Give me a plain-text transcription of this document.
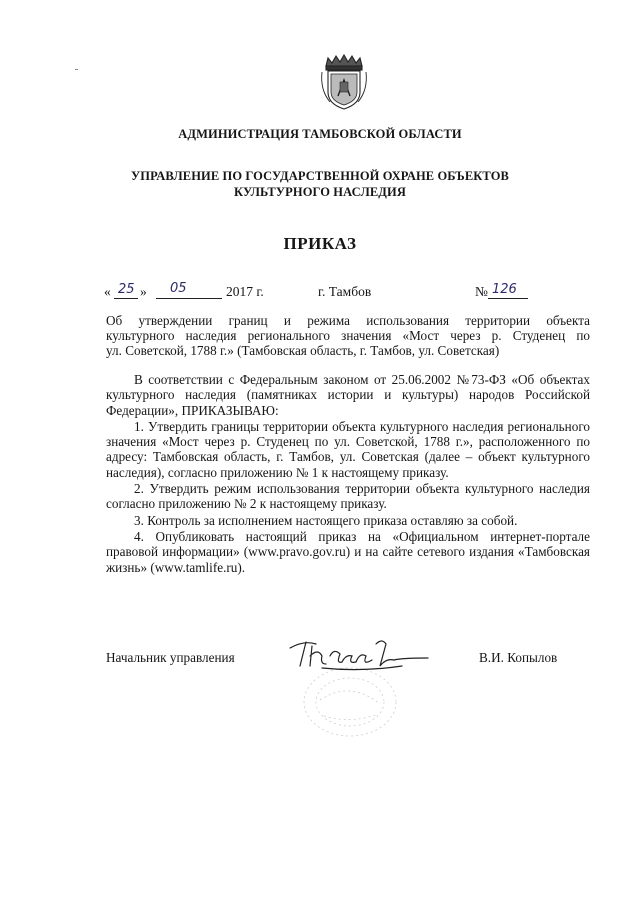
АДМИНИСТРАЦИЯ ТАМБОВСКОЙ ОБЛАСТИ
УПРАВЛЕНИЕ ПО ГОСУДАРСТВЕННОЙ ОХРАНЕ ОБЪЕКТОВ
КУЛЬТУРНОГО НАСЛЕДИЯ
ПРИКАЗ
« 25 » 05	2017 г.	г. Тамбов	№ 126
Об утверждении границ и режима использования территории объекта
культурного наследия регионального значения «Мост через р. Студенец по
ул. Советской, 1788 г.» (Тамбовская область, г. Тамбов, ул. Советская)

В соответствии с Федеральным законом от 25.06.2002 №73-ФЗ «Об объектах культурного наследия (памятниках истории и культуры) народов Российской Федерации», ПРИКАЗЫВАЮ:

1. Утвердить границы территории объекта культурного наследия регионального значения «Мост через р. Студенец по ул. Советской, 1788 г.», расположенного по адресу: Тамбовская область, г. Тамбов, ул. Советская (далее – объект культурного наследия), согласно приложению № 1 к настоящему приказу.

2. Утвердить режим использования территории объекта культурного наследия согласно приложению № 2 к настоящему приказу.

3. Контроль за исполнением настоящего приказа оставляю за собой.

4. Опубликовать настоящий приказ на «Официальном интернет-портале правовой информации» (www.pravo.gov.ru) и на сайте сетевого издания «Тамбовская жизнь» (www.tamlife.ru).

Начальник управления	В.И. Копылов
